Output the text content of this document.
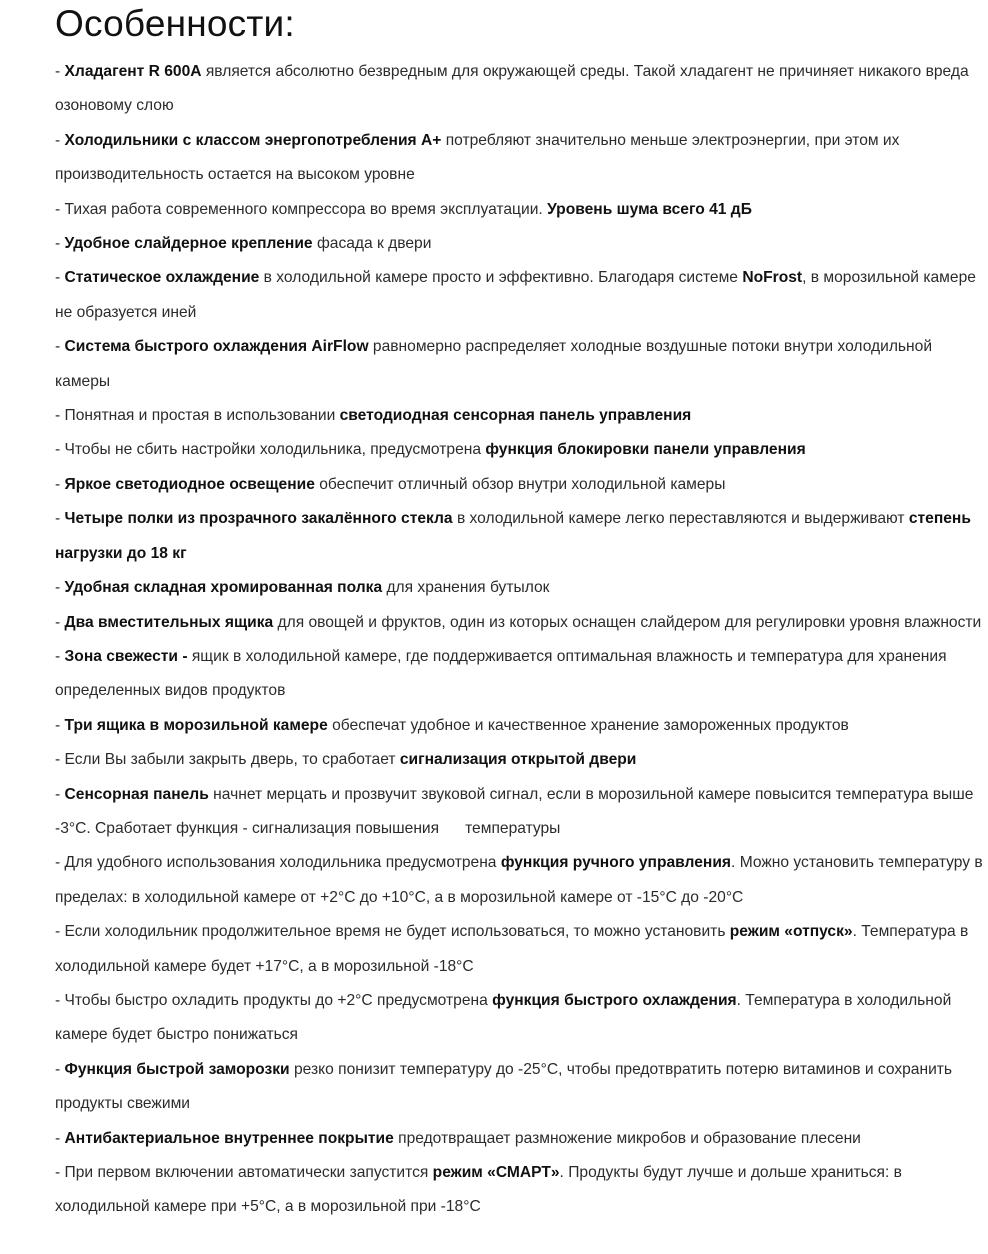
Особенности:

- Хладагент R 600A является абсолютно безвредным для окружающей среды. Такой хладагент не причиняет никакого вреда озоновому слою

- Холодильники с классом энергопотребления А+ потребляют значительно меньше электроэнергии, при этом их производительность остается на высоком уровне

- Тихая работа современного компрессора во время эксплуатации. Уровень шума всего 41 дБ

- Удобное слайдерное крепление фасада к двери

- Статическое охлаждение в холодильной камере просто и эффективно. Благодаря системе NoFrost, в морозильной камере не образуется иней

- Система быстрого охлаждения AirFlow равномерно распределяет холодные воздушные потоки внутри холодильной камеры

- Понятная и простая в использовании светодиодная сенсорная панель управления

- Чтобы не сбить настройки холодильника, предусмотрена функция блокировки панели управления

- Яркое светодиодное освещение обеспечит отличный обзор внутри холодильной камеры

- Четыре полки из прозрачного закалённого стекла в холодильной камере легко переставляются и выдерживают степень нагрузки до 18 кг

- Удобная складная хромированная полка для хранения бутылок

- Два вместительных ящика для овощей и фруктов, один из которых оснащен слайдером для регулировки уровня влажности

- Зона свежести - ящик в холодильной камере, где поддерживается оптимальная влажность и температура для хранения определенных видов продуктов

- Три ящика в морозильной камере обеспечат удобное и качественное хранение замороженных продуктов

- Если Вы забыли закрыть дверь, то сработает сигнализация открытой двери

- Сенсорная панель начнет мерцать и прозвучит звуковой сигнал, если в морозильной камере повысится температура выше -3°С. Сработает функция - сигнализация повышения температуры

- Для удобного использования холодильника предусмотрена функция ручного управления. Можно установить температуру в пределах: в холодильной камере от +2°С до +10°С, а в морозильной камере от -15°С до -20°С

- Если холодильник продолжительное время не будет использоваться, то можно установить режим «отпуск». Температура в холодильной камере будет +17°С, а в морозильной -18°С

- Чтобы быстро охладить продукты до +2°С предусмотрена функция быстрого охлаждения. Температура в холодильной камере будет быстро понижаться

- Функция быстрой заморозки резко понизит температуру до -25°С, чтобы предотвратить потерю витаминов и сохранить продукты свежими

- Антибактериальное внутреннее покрытие предотвращает размножение микробов и образование плесени

- При первом включении автоматически запустится режим «СМАРТ». Продукты будут лучше и дольше храниться: в холодильной камере при +5°С, а в морозильной при -18°С
